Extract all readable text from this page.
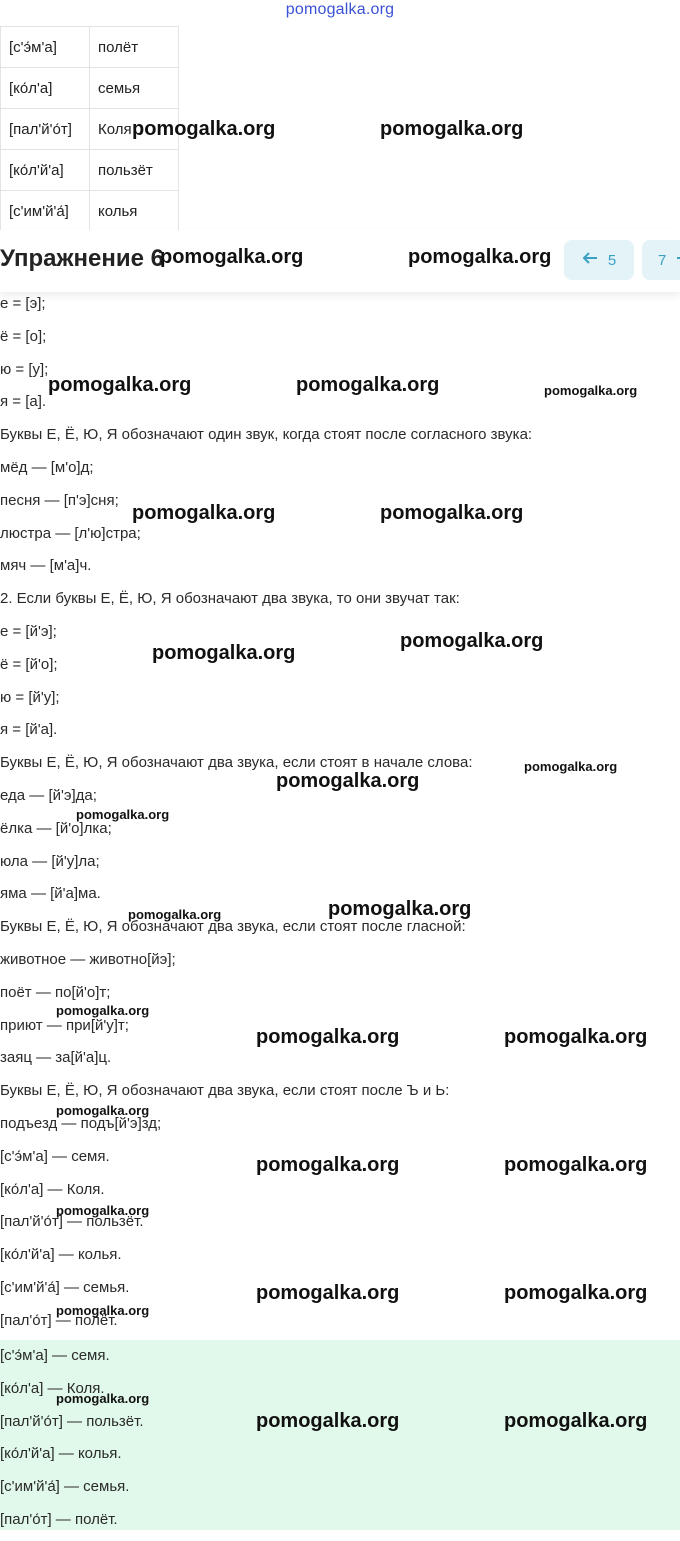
pomogalka.org
[с'э́м'а]	полёт
[ко́л'а]	семья
[пал'й'о́т]	Коля
[ко́л'й'а]	пользёт
[с'им'й'а́]	колья
Упражнение 6	5	7
е = [э];
ё = [о];
ю = [у];
я = [а].
Буквы Е, Ё, Ю, Я обозначают один звук, когда стоят после согласного звука:
мёд — [м'о]д;
песня — [п'э]сня;
люстра — [л'ю]стра;
мяч — [м'а]ч.
2. Если буквы Е, Ё, Ю, Я обозначают два звука, то они звучат так:
е = [й'э];
ё = [й'о];
ю = [й'у];
я = [й'а].
Буквы Е, Ё, Ю, Я обозначают два звука, если стоят в начале слова:
еда — [й'э]да;
ёлка — [й'о]лка;
юла — [й'у]ла;
яма — [й'а]ма.
Буквы Е, Ё, Ю, Я обозначают два звука, если стоят после гласной:
животное — животно[йэ];
поёт — по[й'о]т;
приют — при[й'у]т;
заяц — за[й'а]ц.
Буквы Е, Ё, Ю, Я обозначают два звука, если стоят после Ъ и Ь:
подъезд — подъ[й'э]зд;
[с'э́м'а] — семя.
[ко́л'а] — Коля.
[пал'й'о́т] — пользёт.
[ко́л'й'а] — колья.
[с'им'й'а́] — семья.
[пал'о́т] — полёт.
[с'э́м'а] — семя.
[ко́л'а] — Коля.
[пал'й'о́т] — пользёт.
[ко́л'й'а] — колья.
[с'им'й'а́] — семья.
[пал'о́т] — полёт.
pomogalka.org	pomogalka.org
pomogalka.org	pomogalka.org
pomogalka.org	pomogalka.org	pomogalka.org
pomogalka.org	pomogalka.org
pomogalka.org
pomogalka.org
pomogalka.org
pomogalka.org
pomogalka.org
pomogalka.org
pomogalka.org
pomogalka.org
pomogalka.org	pomogalka.org
pomogalka.org
pomogalka.org	pomogalka.org
pomogalka.org
pomogalka.org	pomogalka.org
pomogalka.org
pomogalka.org
pomogalka.org	pomogalka.org
